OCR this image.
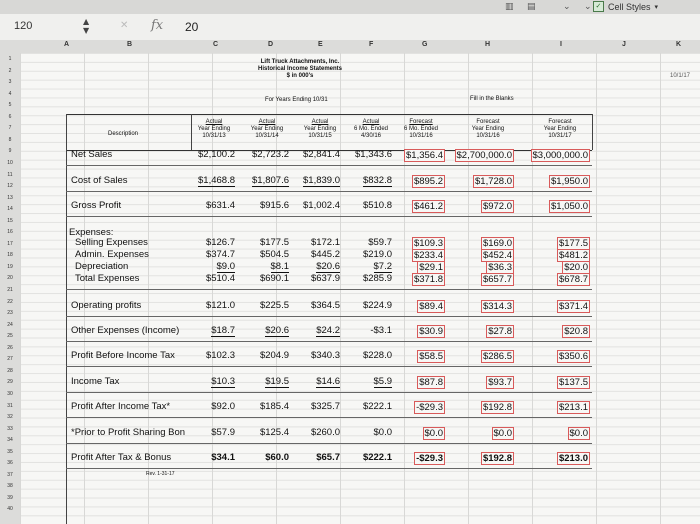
▥ ▤	⌄ ⌄ ✓ Cell Styles ▾
120	▲
▼	✕ fx 20
A	B	C	D	E	F	G	H	I	J	K
1
2
3
4
5
6
7
8
9
10
11
12
13
14
15
16
17
18
19
20
21
22
23
24
25
26
27
28
29
30
31
32
33
34
35
36
37
38
39
40
Lift Truck Attachments, Inc.
Historical Income Statements
$ in 000's
For Years Ending 10/31	Fill in the Blanks
10/1/17
Description
Actual
Year Ending
10/31/13
Actual
Year Ending
10/31/14
Actual
Year Ending
10/31/15
Actual
6 Mo. Ended
4/30/16
Forecast
6 Mo. Ended
10/31/16
Forecast
Year Ending
10/31/16
Forecast
Year Ending
10/31/17
Expenses:
Net Sales	$2,100.2 $2,723.2 $2,841.4 $1,343.6 $1,356.4 $2,700,000.0 $3,000,000.0
Cost of Sales	$1,468.8 $1,807.6 $1,839.0 $832.8 $895.2	$1,728.0	$1,950.0
Gross Profit	$631.4	$915.6 $1,002.4 $510.8 $461.2	$972.0	$1,050.0
Selling Expenses	$126.7	$177.5 $172.1	$59.7 $109.3	$169.0	$177.5
Admin. Expenses	$374.7	$504.5 $445.2 $219.0 $233.4	$452.4	$481.2
Depreciation	$9.0	$8.1	$20.6	$7.2	$29.1	$36.3	$20.0
Total Expenses	$510.4	$690.1 $637.9 $285.9 $371.8	$657.7	$678.7
Operating profits	$121.0	$225.5 $364.5 $224.9	$89.4	$314.3	$371.4
Other Expenses (Income)	$18.7	$20.6	$24.2	-$3.1	$30.9	$27.8	$20.8
Profit Before Income Tax	$102.3	$204.9 $340.3 $228.0	$58.5	$286.5	$350.6
Income Tax	$10.3	$19.5	$14.6	$5.9	$87.8	$93.7	$137.5
Profit After Income Tax*	$92.0	$185.4 $325.7 $222.1	-$29.3	$192.8	$213.1
*Prior to Profit Sharing Bon	$57.9	$125.4 $260.0	$0.0	$0.0	$0.0	$0.0
Profit After Tax & Bonus	$34.1	$60.0	$65.7 $222.1	-$29.3	$192.8	$213.0
Rev. 1-31-17
